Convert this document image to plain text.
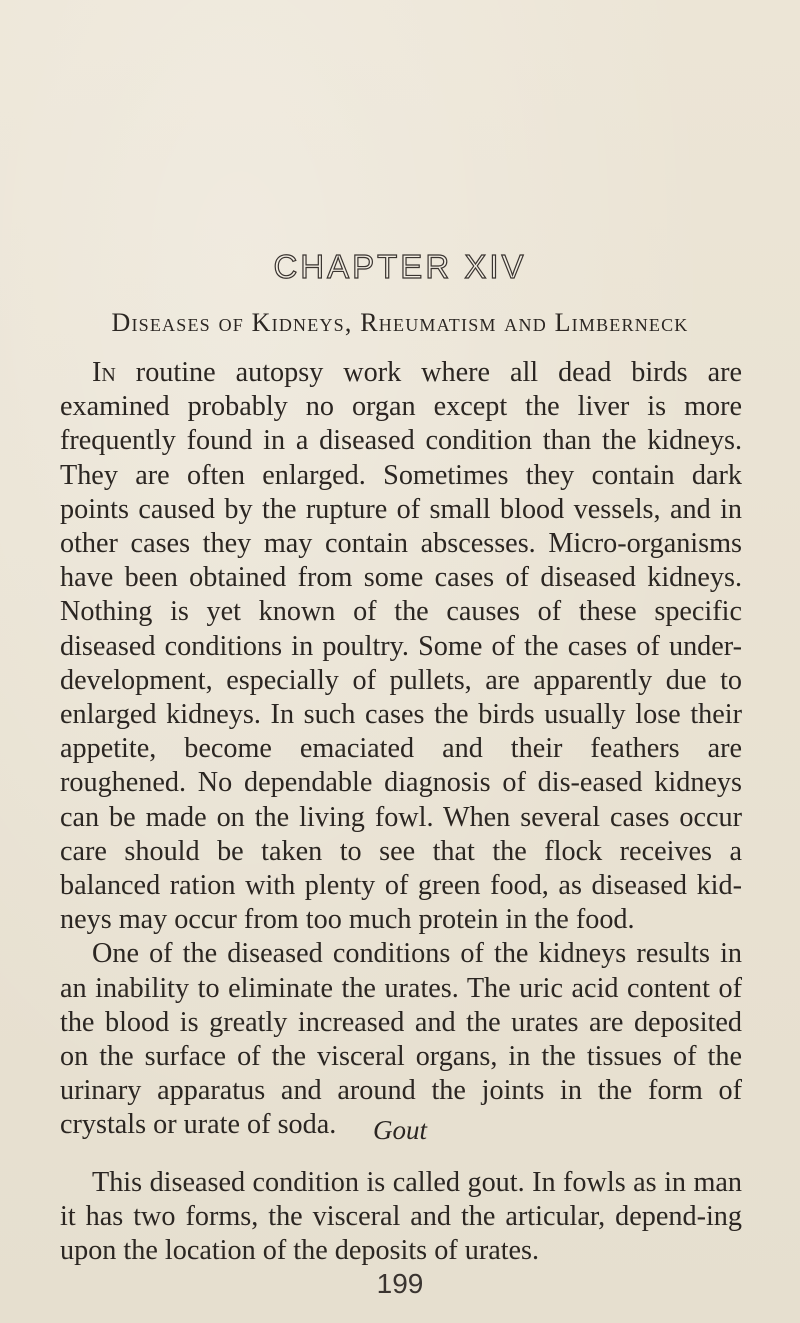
CHAPTER XIV
Diseases of Kidneys, Rheumatism and Limberneck

In routine autopsy work where all dead birds are examined probably no organ except the liver is more frequently found in a diseased condition than the kidneys. They are often enlarged. Sometimes they contain dark points caused by the rupture of small blood vessels, and in other cases they may contain abscesses. Micro-organisms have been obtained from some cases of diseased kidneys. Nothing is yet known of the causes of these specific diseased conditions in poultry. Some of the cases of under-development, especially of pullets, are apparently due to enlarged kidneys. In such cases the birds usually lose their appetite, become emaciated and their feathers are roughened. No dependable diagnosis of dis-eased kidneys can be made on the living fowl. When several cases occur care should be taken to see that the flock receives a balanced ration with plenty of green food, as diseased kid-neys may occur from too much protein in the food.

One of the diseased conditions of the kidneys results in an inability to eliminate the urates. The uric acid content of the blood is greatly increased and the urates are deposited on the surface of the visceral organs, in the tissues of the urinary apparatus and around the joints in the form of crystals or urate of soda.	Gout

This diseased condition is called gout. In fowls as in man it has two forms, the visceral and the articular, depend-ing upon the location of the deposits of urates.

199
